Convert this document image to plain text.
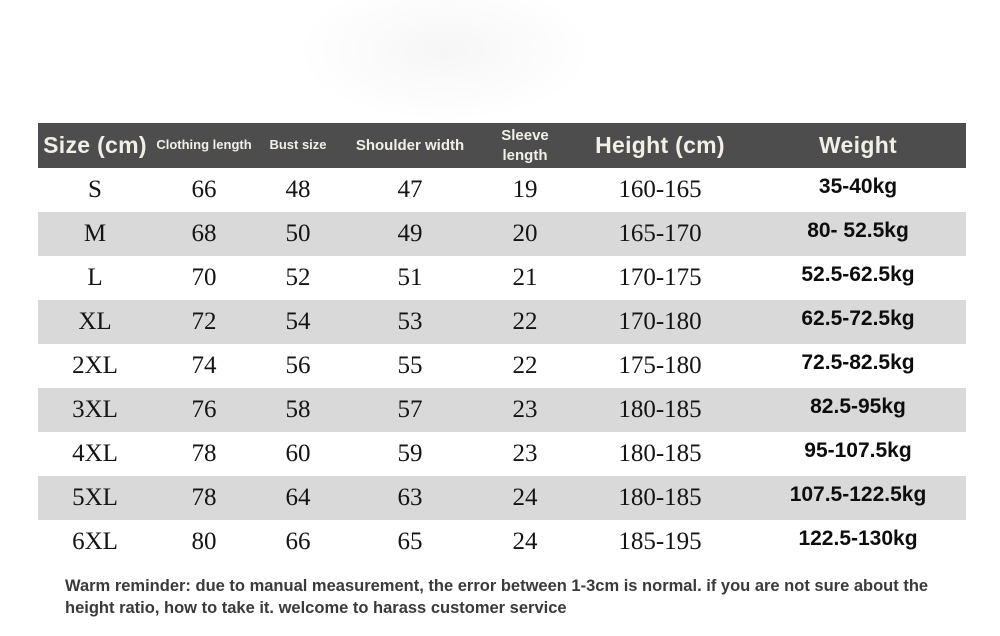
Size (cm)	Clothing length	Bust size	Shoulder width	Sleeve length	Height (cm)	Weight
S	66	48	47	19	160-165	35-40kg
M	68	50	49	20	165-170	80- 52.5kg
L	70	52	51	21	170-175	52.5-62.5kg
XL	72	54	53	22	170-180	62.5-72.5kg
2XL	74	56	55	22	175-180	72.5-82.5kg
3XL	76	58	57	23	180-185	82.5-95kg
4XL	78	60	59	23	180-185	95-107.5kg
5XL	78	64	63	24	180-185	107.5-122.5kg
6XL	80	66	65	24	185-195	122.5-130kg
Warm reminder: due to manual measurement, the error between 1-3cm is normal. if you are not sure about the
height ratio, how to take it. welcome to harass customer service
